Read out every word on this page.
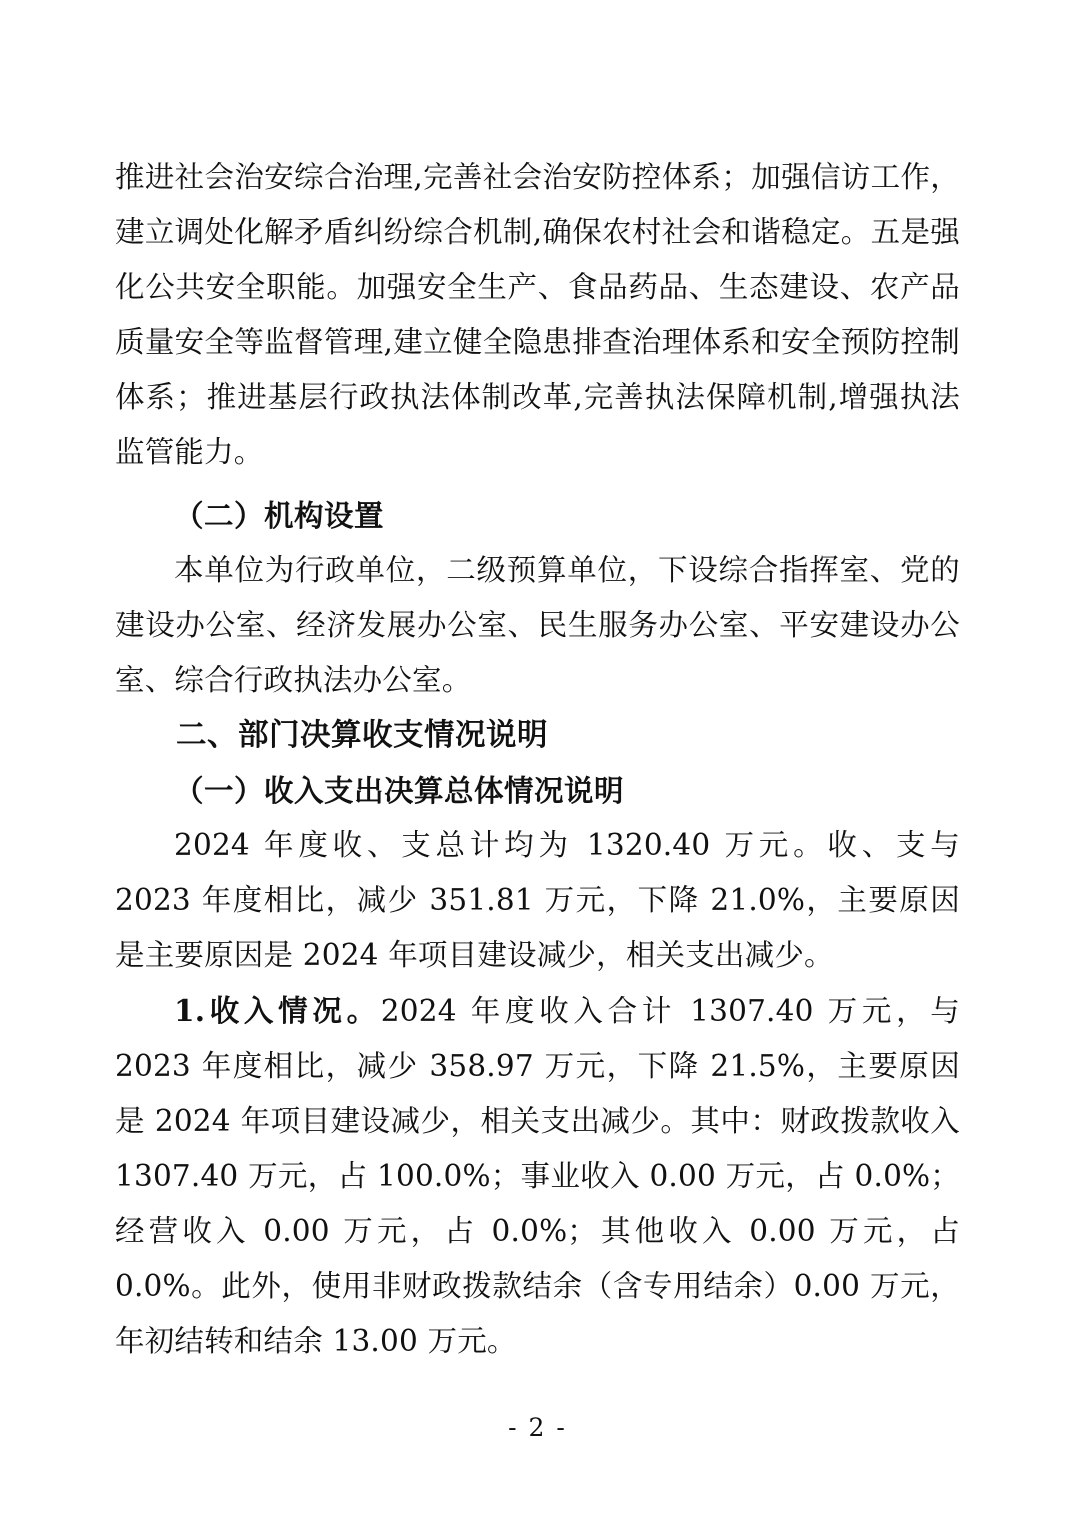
推进社会治安综合治理,完善社会治安防控体系；加强信访工作，建立调处化解矛盾纠纷综合机制,确保农村社会和谐稳定。五是强化公共安全职能。加强安全生产、食品药品、生态建设、农产品质量安全等监督管理,建立健全隐患排查治理体系和安全预防控制体系；推进基层行政执法体制改革,完善执法保障机制,增强执法监管能力。

（二）机构设置

本单位为行政单位，二级预算单位，下设综合指挥室、党的建设办公室、经济发展办公室、民生服务办公室、平安建设办公室、综合行政执法办公室。

二、部门决算收支情况说明

（一）收入支出决算总体情况说明

2024 年度收、支总计均为 1320.40 万元。收、支与 2023 年度相比，减少 351.81 万元，下降 21.0%，主要原因是主要原因是 2024 年项目建设减少，相关支出减少。

1.收入情况。2024 年度收入合计 1307.40 万元，与 2023 年度相比，减少 358.97 万元，下降 21.5%，主要原因是 2024 年项目建设减少，相关支出减少。其中：财政拨款收入 1307.40 万元，占 100.0%；事业收入 0.00 万元，占 0.0%；经营收入 0.00 万元，占 0.0%；其他收入 0.00 万元，占 0.0%。此外，使用非财政拨款结余（含专用结余）0.00 万元，年初结转和结余 13.00 万元。

- 2 -
